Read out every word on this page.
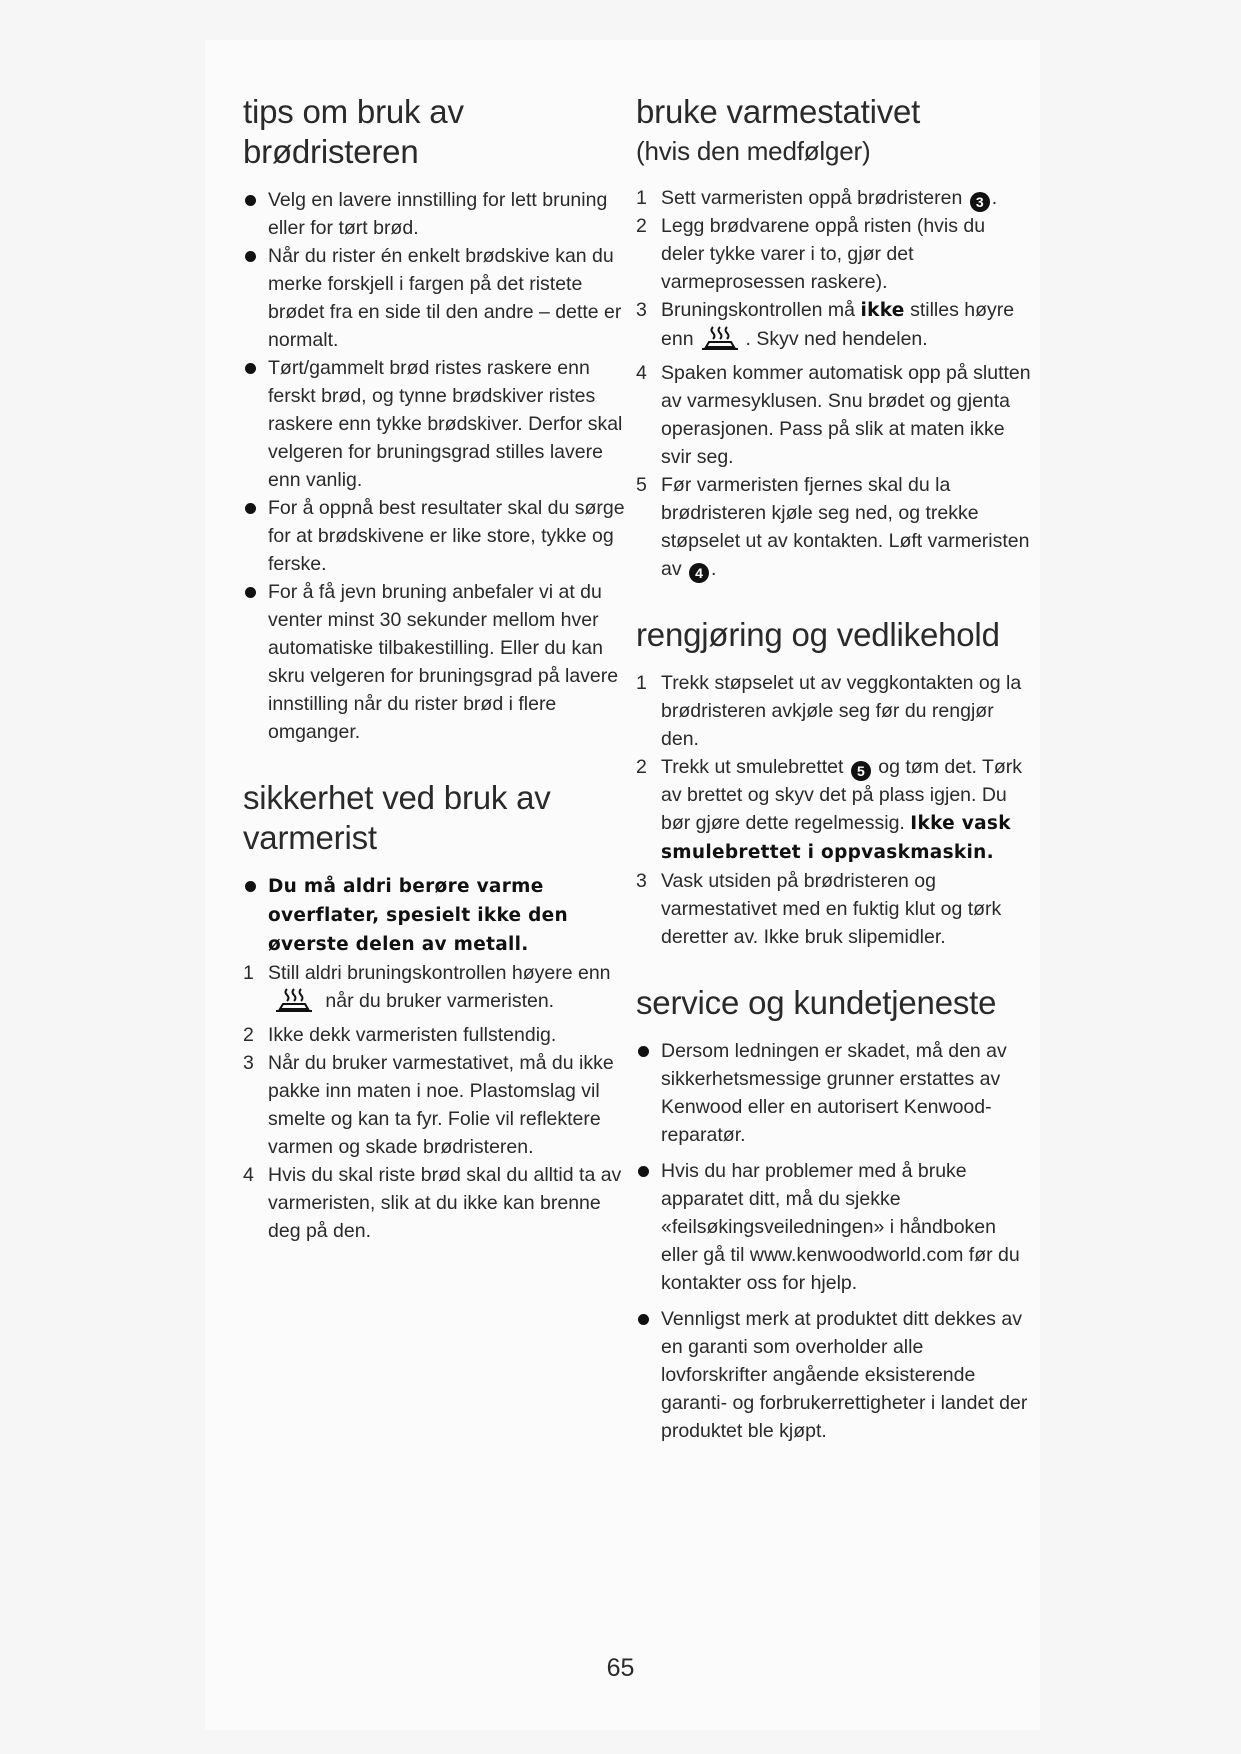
tips om bruk av
brødristeren
Velg en lavere innstilling for lett bruning eller for tørt brød.
Når du rister én enkelt brødskive kan du merke forskjell i fargen på det ristete brødet fra en side til den andre – dette er normalt.
Tørt/gammelt brød ristes raskere enn ferskt brød, og tynne brødskiver ristes raskere enn tykke brødskiver. Derfor skal velgeren for bruningsgrad stilles lavere enn vanlig.
For å oppnå best resultater skal du sørge for at brødskivene er like store, tykke og ferske.
For å få jevn bruning anbefaler vi at du venter minst 30 sekunder mellom hver automatiske tilbakestilling. Eller du kan skru velgeren for bruningsgrad på lavere innstilling når du rister brød i flere omganger.
sikkerhet ved bruk av
varmerist
Du må aldri berøre varme overflater, spesielt ikke den øverste delen av metall.
1 Still aldri bruningskontrollen høyere enn  når du bruker varmeristen.
2 Ikke dekk varmeristen fullstendig.
3 Når du bruker varmestativet, må du ikke pakke inn maten i noe. Plastomslag vil smelte og kan ta fyr. Folie vil reflektere varmen og skade brødristeren.
4 Hvis du skal riste brød skal du alltid ta av varmeristen, slik at du ikke kan brenne deg på den.
bruke varmestativet
(hvis den medfølger)
1 Sett varmeristen oppå brødristeren 3 .
2 Legg brødvarene oppå risten (hvis du deler tykke varer i to, gjør det varmeprosessen raskere).
3 Bruningskontrollen må ikke stilles høyre enn	. Skyv ned hendelen.
4 Spaken kommer automatisk opp på slutten av varmesyklusen. Snu brødet og gjenta operasjonen. Pass på slik at maten ikke svir seg.
5 Før varmeristen fjernes skal du la brødristeren kjøle seg ned, og trekke støpselet ut av kontakten. Løft varmeristen av 4 .
rengjøring og vedlikehold
1 Trekk støpselet ut av veggkontakten og la brødristeren avkjøle seg før du rengjør den.
2 Trekk ut smulebrettet 5 og tøm det. Tørk av brettet og skyv det på plass igjen. Du bør gjøre dette regelmessig. Ikke vask smulebrettet i oppvaskmaskin.
3 Vask utsiden på brødristeren og varmestativet med en fuktig klut og tørk deretter av. Ikke bruk slipemidler.
service og kundetjeneste
Dersom ledningen er skadet, må den av sikkerhetsmessige grunner erstattes av Kenwood eller en autorisert Kenwood-reparatør.
Hvis du har problemer med å bruke apparatet ditt, må du sjekke «feilsøkingsveiledningen» i håndboken eller gå til www.kenwoodworld.com før du kontakter oss for hjelp.
Vennligst merk at produktet ditt dekkes av en garanti som overholder alle lovforskrifter angående eksisterende garanti- og forbrukerrettigheter i landet der produktet ble kjøpt.
65
